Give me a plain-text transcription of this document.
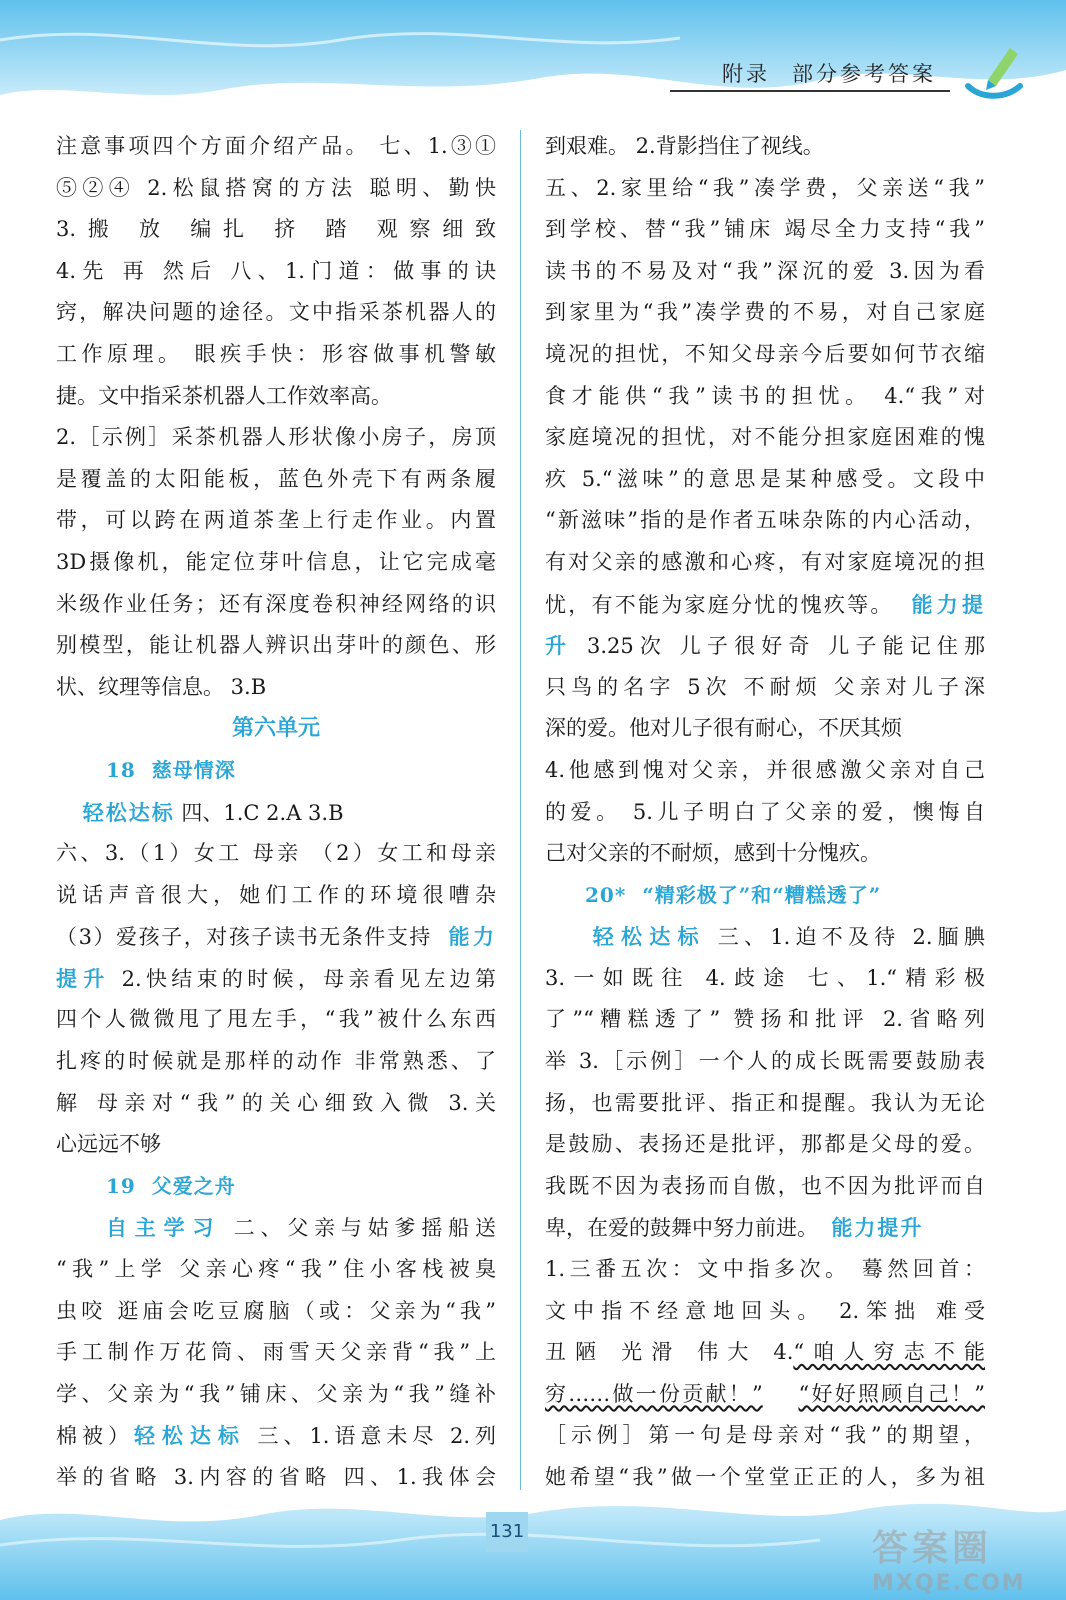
附录 部分参考答案
注意事项四个方面介绍产品。 七、1.③①
⑤②④ 2.松鼠搭窝的方法 聪明、勤快
3.搬 放 编扎 挤 踏 观察细致
4.先 再 然后 八、1.门道：做事的诀
窍，解决问题的途径。文中指采茶机器人的
工作原理。 眼疾手快：形容做事机警敏
捷。文中指采茶机器人工作效率高。
2.［示例］采茶机器人形状像小房子，房顶
是覆盖的太阳能板，蓝色外壳下有两条履
带，可以跨在两道茶垄上行走作业。内置
3D摄像机，能定位芽叶信息，让它完成毫
米级作业任务；还有深度卷积神经网络的识
别模型，能让机器人辨识出芽叶的颜色、形
状、纹理等信息。 3.B
第六单元
18 慈母情深
轻松达标 四、1.C 2.A 3.B
六、3.（1）女工 母亲 （2）女工和母亲
说话声音很大，她们工作的环境很嘈杂
（3）爱孩子，对孩子读书无条件支持 能力
提升 2.快结束的时候，母亲看见左边第
四个人微微甩了甩左手，“我”被什么东西
扎疼的时候就是那样的动作 非常熟悉、了
解 母亲对“我”的关心细致入微 3.关
心远远不够
19 父爱之舟
自主学习 二、父亲与姑爹摇船送
“我”上学 父亲心疼“我”住小客栈被臭
虫咬 逛庙会吃豆腐脑（或：父亲为“我”
手工制作万花筒、雨雪天父亲背“我”上
学、父亲为“我”铺床、父亲为“我”缝补
棉被）轻松达标 三、1.语意未尽 2.列
举的省略 3.内容的省略 四、1.我体会
到艰难。 2.背影挡住了视线。
五、2.家里给“我”凑学费，父亲送“我”
到学校、替“我”铺床 竭尽全力支持“我”
读书的不易及对“我”深沉的爱 3.因为看
到家里为“我”凑学费的不易，对自己家庭
境况的担忧，不知父母亲今后要如何节衣缩
食才能供“我”读书的担忧。 4.“我”对
家庭境况的担忧，对不能分担家庭困难的愧
疚 5.“滋味”的意思是某种感受。文段中
“新滋味”指的是作者五味杂陈的内心活动，
有对父亲的感激和心疼，有对家庭境况的担
忧，有不能为家庭分忧的愧疚等。 能力提
升 3.25次 儿子很好奇 儿子能记住那
只鸟的名字 5次 不耐烦 父亲对儿子深
深的爱。他对儿子很有耐心，不厌其烦
4.他感到愧对父亲，并很感激父亲对自己
的爱。 5.儿子明白了父亲的爱，懊悔自
己对父亲的不耐烦，感到十分愧疚。
20* “精彩极了”和“糟糕透了”
轻松达标 三、1.迫不及待 2.腼腆
3.一如既往 4.歧途 七、1.“精彩极
了”“糟糕透了” 赞扬和批评 2.省略列
举 3.［示例］一个人的成长既需要鼓励表
扬，也需要批评、指正和提醒。我认为无论
是鼓励、表扬还是批评，那都是父母的爱。
我既不因为表扬而自傲，也不因为批评而自
卑，在爱的鼓舞中努力前进。 能力提升
1.三番五次：文中指多次。 蓦然回首：
文中指不经意地回头。 2.笨拙 难受
丑陋 光滑 伟大 4.“咱人穷志不能
穷……做一份贡献！” “好好照顾自己！”
［示例］第一句是母亲对“我”的期望，
她希望“我”做一个堂堂正正的人，多为祖
131	答案圈
MXQE.COM
